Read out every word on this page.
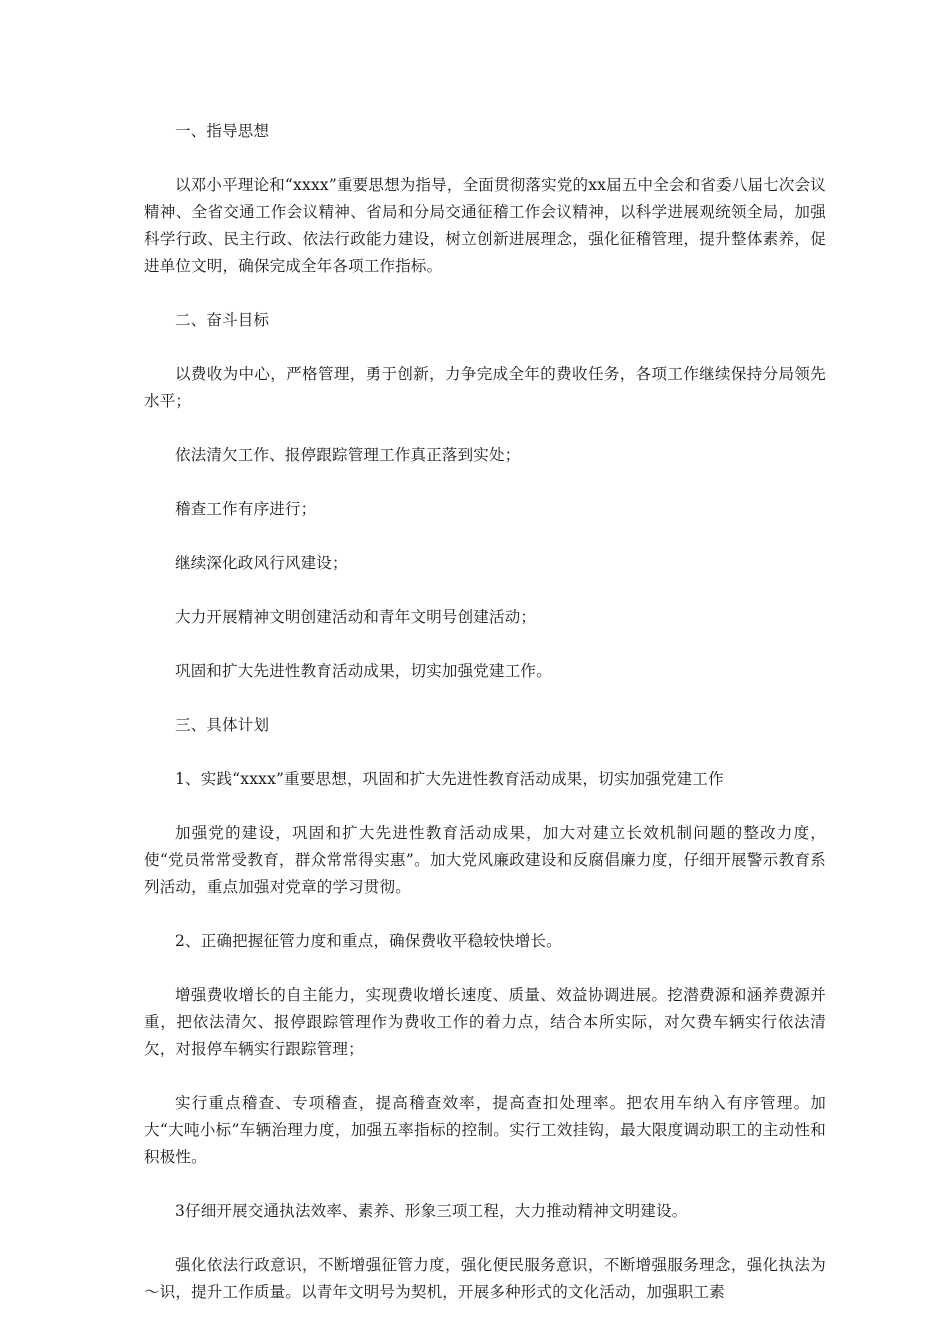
一、指导思想

以邓小平理论和“xxxx”重要思想为指导，全面贯彻落实党的xx届五中全会和省委八届七次会议精神、全省交通工作会议精神、省局和分局交通征稽工作会议精神，以科学进展观统领全局，加强科学行政、民主行政、依法行政能力建设，树立创新进展理念，强化征稽管理，提升整体素养，促进单位文明，确保完成全年各项工作指标。

二、奋斗目标

以费收为中心，严格管理，勇于创新，力争完成全年的费收任务，各项工作继续保持分局领先水平；

依法清欠工作、报停跟踪管理工作真正落到实处；

稽查工作有序进行；

继续深化政风行风建设；

大力开展精神文明创建活动和青年文明号创建活动；

巩固和扩大先进性教育活动成果，切实加强党建工作。

三、具体计划

1、实践“xxxx”重要思想，巩固和扩大先进性教育活动成果，切实加强党建工作

加强党的建设，巩固和扩大先进性教育活动成果，加大对建立长效机制问题的整改力度，使“党员常常受教育，群众常常得实惠”。加大党风廉政建设和反腐倡廉力度，仔细开展警示教育系列活动，重点加强对党章的学习贯彻。

2、正确把握征管力度和重点，确保费收平稳较快增长。

增强费收增长的自主能力，实现费收增长速度、质量、效益协调进展。挖潜费源和涵养费源并重，把依法清欠、报停跟踪管理作为费收工作的着力点，结合本所实际，对欠费车辆实行依法清欠，对报停车辆实行跟踪管理；

实行重点稽查、专项稽查，提高稽查效率，提高查扣处理率。把农用车纳入有序管理。加大“大吨小标”车辆治理力度，加强五率指标的控制。实行工效挂钩，最大限度调动职工的主动性和积极性。

3仔细开展交通执法效率、素养、形象三项工程，大力推动精神文明建设。

强化依法行政意识，不断增强征管力度，强化便民服务意识，不断增强服务理念，强化执法为～识，提升工作质量。以青年文明号为契机，开展多种形式的文化活动，加强职工素
